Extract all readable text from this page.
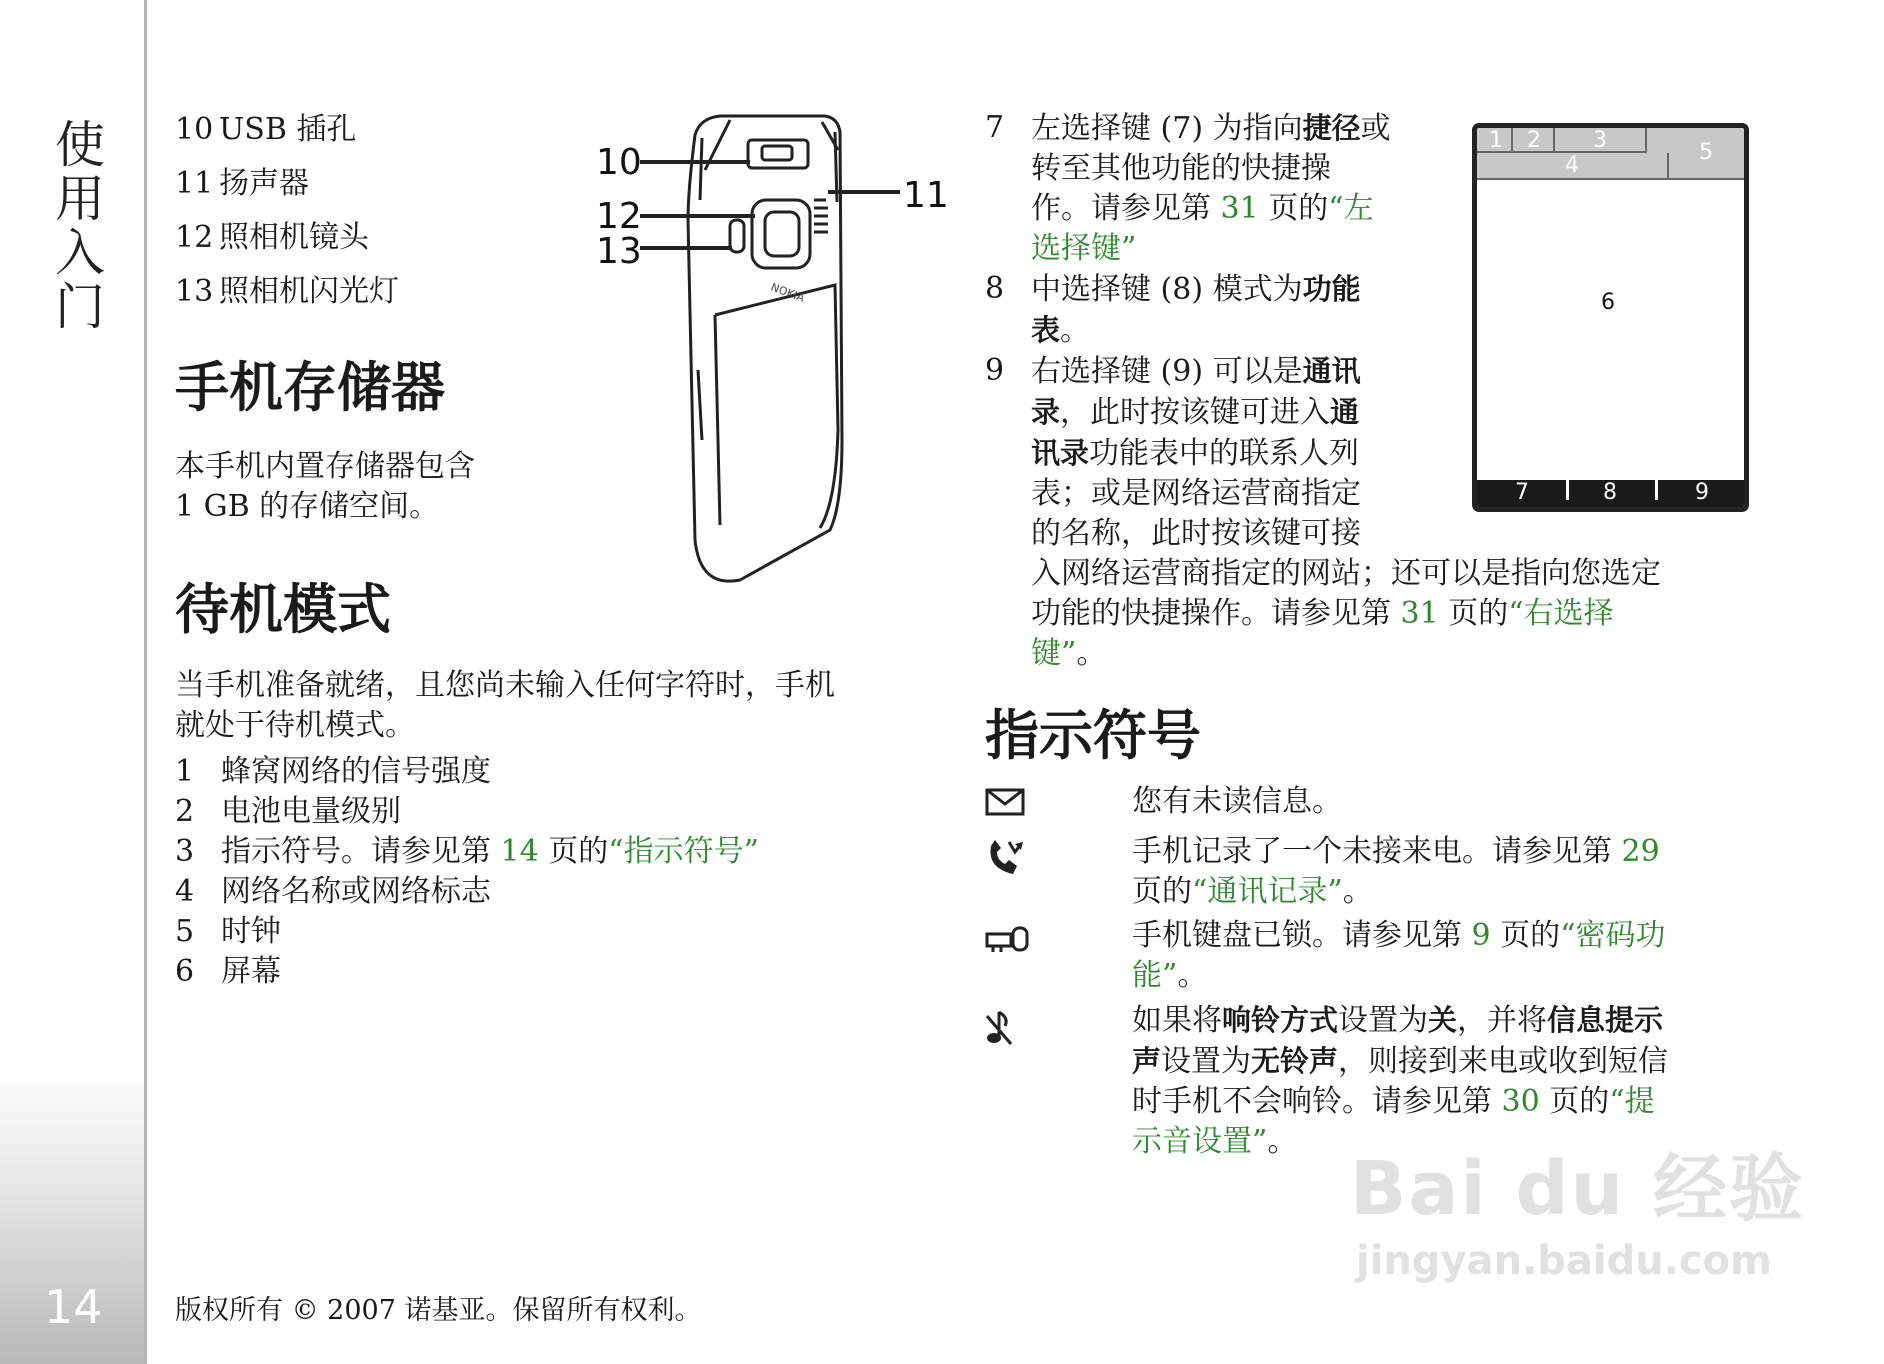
使用入门
14
10 USB 插孔
11 扬声器
12 照相机镜头
13 照相机闪光灯	NOKIA
10
12
13
11
手机存储器
本手机内置存储器包含
1 GB 的存储空间。
待机模式
当手机准备就绪，且您尚未输入任何字符时，手机
就处于待机模式。
1 蜂窝网络的信号强度
2 电池电量级别
3 指示符号。请参见第 14 页的“指示符号”
4 网络名称或网络标志
5 时钟
6 屏幕
7 左选择键 (7) 为指向捷径或
转至其他功能的快捷操
作。请参见第 31 页的“左
选择键”
8 中选择键 (8) 模式为功能
表。
9 右选择键 (9) 可以是通讯
录，此时按该键可进入通
讯录功能表中的联系人列
表；或是网络运营商指定
的名称，此时按该键可接
入网络运营商指定的网站；还可以是指向您选定
功能的快捷操作。请参见第 31 页的“右选择
键”。
1 2 3
4
5
6
7	8	9
指示符号
您有未读信息。
手机记录了一个未接来电。请参见第 29
页的“通讯记录”。
手机键盘已锁。请参见第 9 页的“密码功
能”。
如果将响铃方式设置为关，并将信息提示
声设置为无铃声，则接到来电或收到短信
时手机不会响铃。请参见第 30 页的“提
示音设置”。
版权所有 © 2007 诺基亚。保留所有权利。
Bai du 经验
jingyan.baidu.com
